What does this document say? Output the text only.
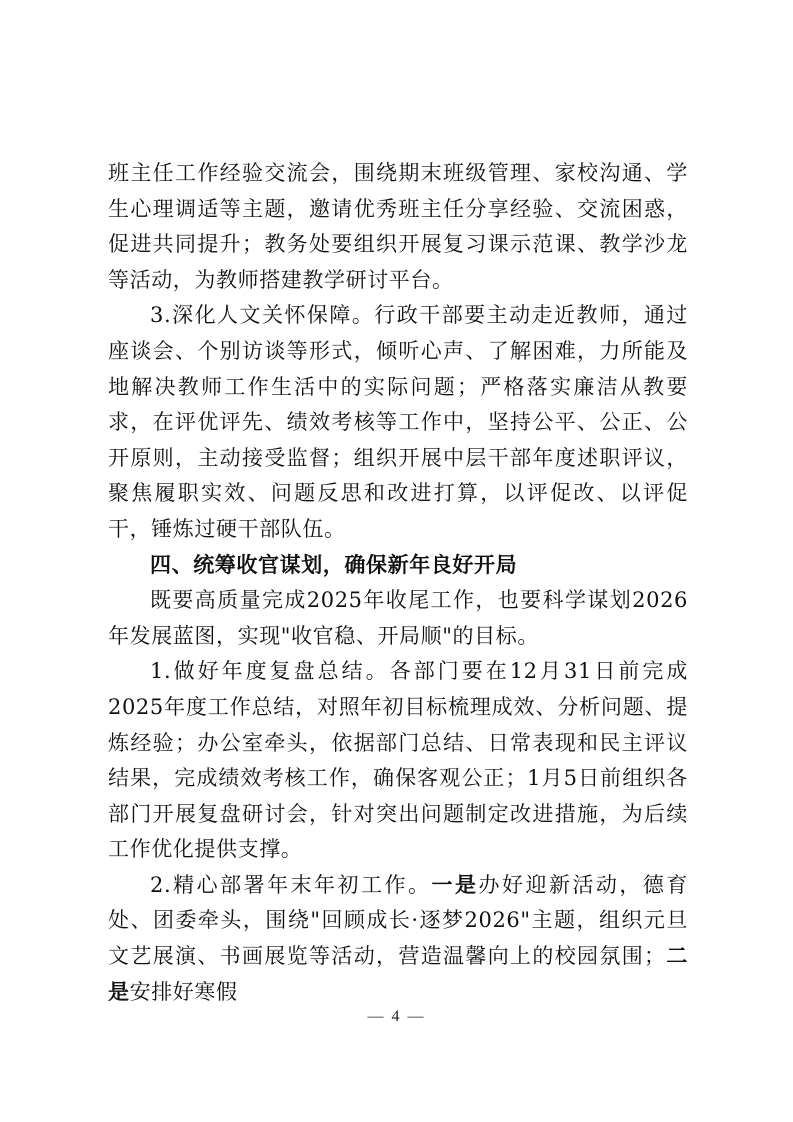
班主任工作经验交流会，围绕期末班级管理、家校沟通、学生心理调适等主题，邀请优秀班主任分享经验、交流困惑，促进共同提升；教务处要组织开展复习课示范课、教学沙龙等活动，为教师搭建教学研讨平台。

3.深化人文关怀保障。行政干部要主动走近教师，通过座谈会、个别访谈等形式，倾听心声、了解困难，力所能及地解决教师工作生活中的实际问题；严格落实廉洁从教要求，在评优评先、绩效考核等工作中，坚持公平、公正、公开原则，主动接受监督；组织开展中层干部年度述职评议，聚焦履职实效、问题反思和改进打算，以评促改、以评促干，锤炼过硬干部队伍。

四、统筹收官谋划，确保新年良好开局

既要高质量完成2025年收尾工作，也要科学谋划2026年发展蓝图，实现"收官稳、开局顺"的目标。

1.做好年度复盘总结。各部门要在12月31日前完成2025年度工作总结，对照年初目标梳理成效、分析问题、提炼经验；办公室牵头，依据部门总结、日常表现和民主评议结果，完成绩效考核工作，确保客观公正；1月5日前组织各部门开展复盘研讨会，针对突出问题制定改进措施，为后续工作优化提供支撑。

2.精心部署年末年初工作。一是办好迎新活动，德育处、团委牵头，围绕"回顾成长·逐梦2026"主题，组织元旦文艺展演、书画展览等活动，营造温馨向上的校园氛围；二是安排好寒假

— 4 —
